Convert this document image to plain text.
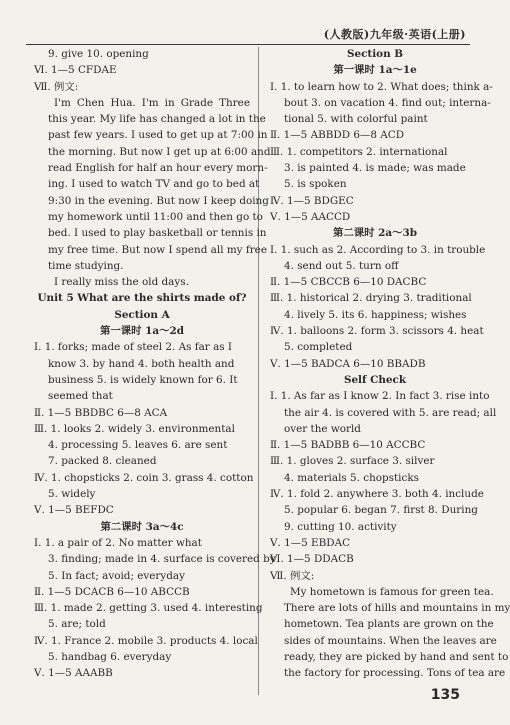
(人教版)九年级·英语(上册)
9. give 10. opening
Ⅵ. 1—5 CFDAE
Ⅶ. 例文:
I'm Chen Hua. I'm in Grade Three
this year. My life has changed a lot in the
past few years. I used to get up at 7:00 in
the morning. But now I get up at 6:00 and
read English for half an hour every morn-
ing. I used to watch TV and go to bed at
9:30 in the evening. But now I keep doing
my homework until 11:00 and then go to
bed. I used to play basketball or tennis in
my free time. But now I spend all my free
time studying.
I really miss the old days.
Unit 5 What are the shirts made of?
Section A
第一课时 1a～2d
Ⅰ. 1. forks; made of steel 2. As far as I
know 3. by hand 4. both health and
business 5. is widely known for 6. It
seemed that
Ⅱ. 1—5 BBDBC 6—8 ACA
Ⅲ. 1. looks 2. widely 3. environmental
4. processing 5. leaves 6. are sent
7. packed 8. cleaned
Ⅳ. 1. chopsticks 2. coin 3. grass 4. cotton
5. widely
Ⅴ. 1—5 BEFDC
第二课时 3a～4c
Ⅰ. 1. a pair of 2. No matter what
3. finding; made in 4. surface is covered by
5. In fact; avoid; everyday
Ⅱ. 1—5 DCACB 6—10 ABCCB
Ⅲ. 1. made 2. getting 3. used 4. interesting
5. are; told
Ⅳ. 1. France 2. mobile 3. products 4. local
5. handbag 6. everyday
Ⅴ. 1—5 AAABB
Section B
第一课时 1a～1e
Ⅰ. 1. to learn how to 2. What does; think a-
bout 3. on vacation 4. find out; interna-
tional 5. with colorful paint
Ⅱ. 1—5 ABBDD 6—8 ACD
Ⅲ. 1. competitors 2. international
3. is painted 4. is made; was made
5. is spoken
Ⅳ. 1—5 BDGEC
Ⅴ. 1—5 AACCD
第二课时 2a～3b
Ⅰ. 1. such as 2. According to 3. in trouble
4. send out 5. turn off
Ⅱ. 1—5 CBCCB 6—10 DACBC
Ⅲ. 1. historical 2. drying 3. traditional
4. lively 5. its 6. happiness; wishes
Ⅳ. 1. balloons 2. form 3. scissors 4. heat
5. completed
Ⅴ. 1—5 BADCA 6—10 BBADB
Self Check
Ⅰ. 1. As far as I know 2. In fact 3. rise into
the air 4. is covered with 5. are read; all
over the world
Ⅱ. 1—5 BADBB 6—10 ACCBC
Ⅲ. 1. gloves 2. surface 3. silver
4. materials 5. chopsticks
Ⅳ. 1. fold 2. anywhere 3. both 4. include
5. popular 6. began 7. first 8. During
9. cutting 10. activity
Ⅴ. 1—5 EBDAC
Ⅵ. 1—5 DDACB
Ⅶ. 例文:
My hometown is famous for green tea.
There are lots of hills and mountains in my
hometown. Tea plants are grown on the
sides of mountains. When the leaves are
ready, they are picked by hand and sent to
the factory for processing. Tons of tea are
135
